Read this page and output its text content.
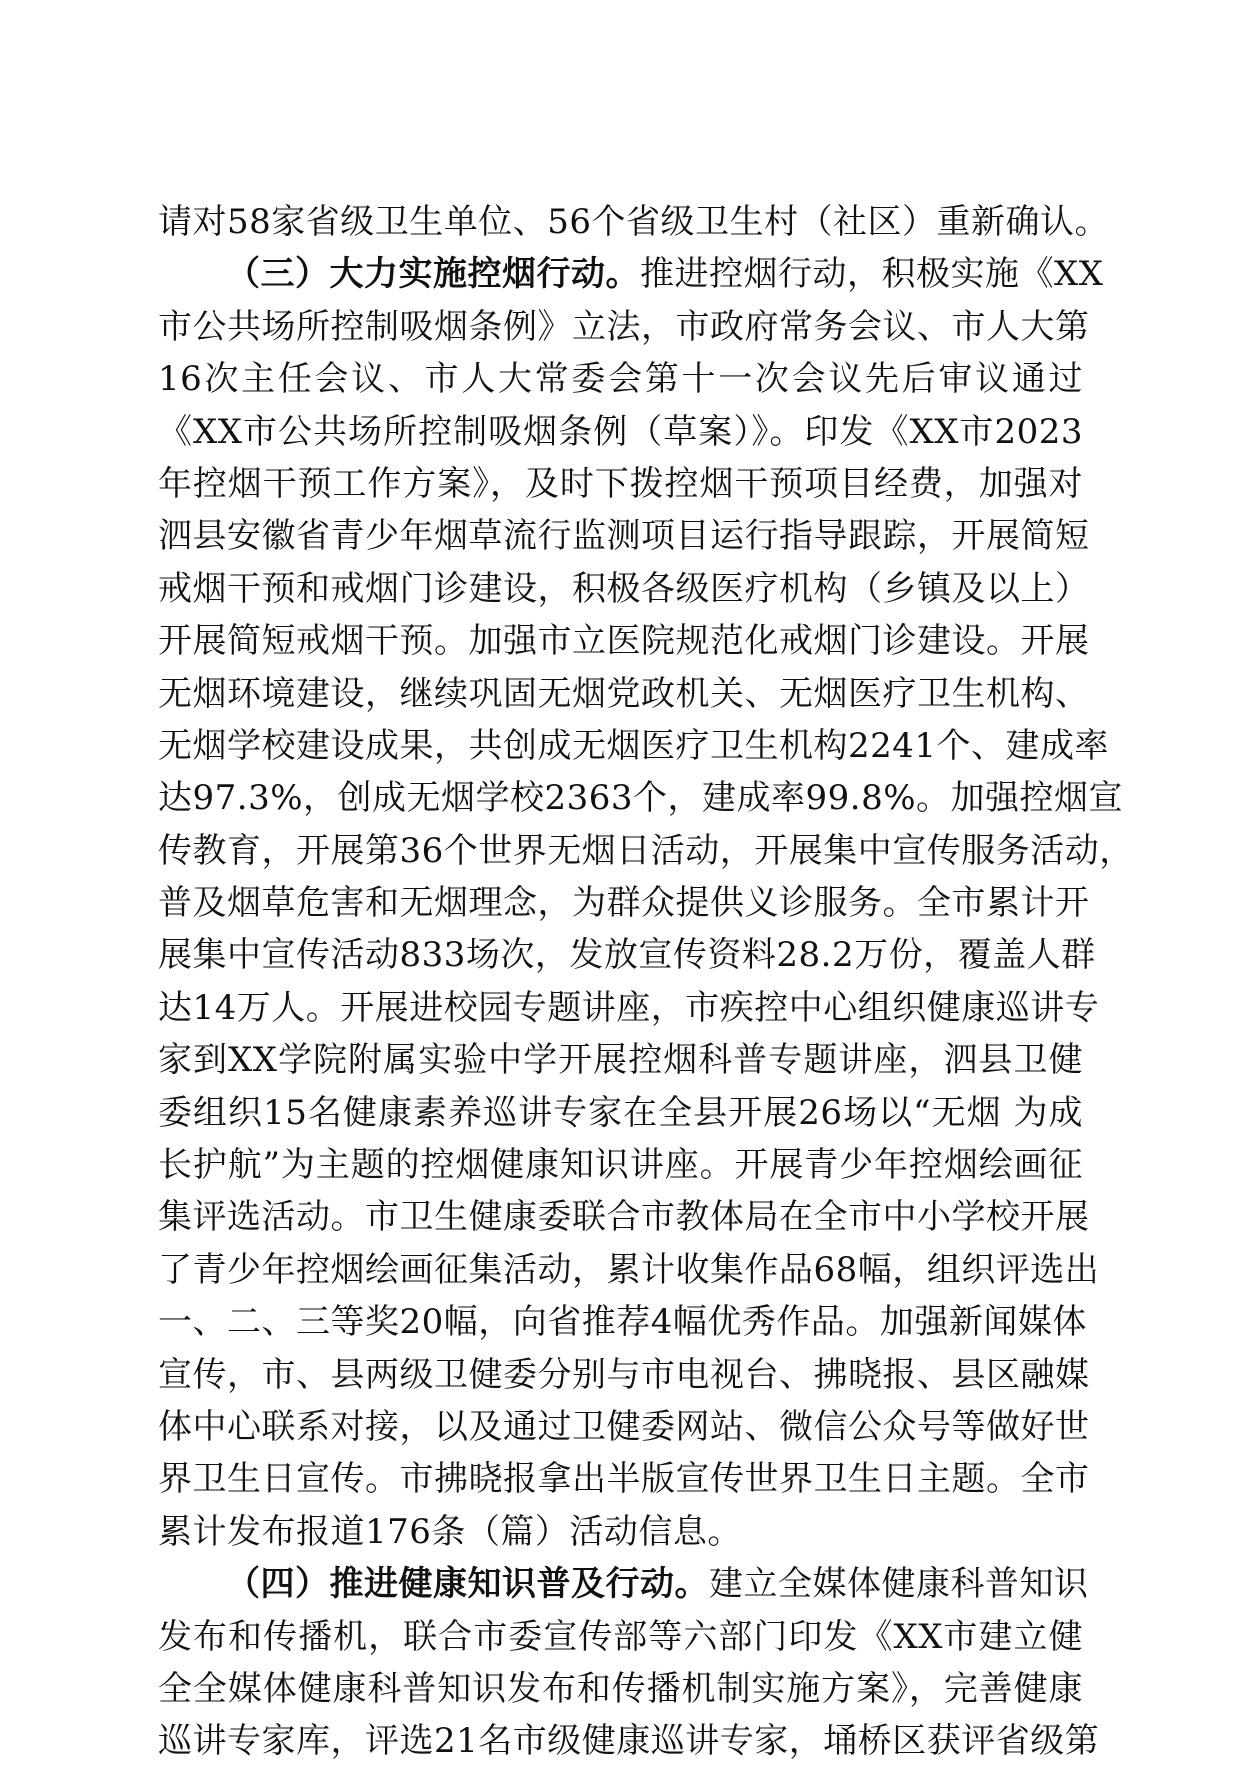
请对58家省级卫生单位、56个省级卫生村（社区）重新确认。
（三）大力实施控烟行动。推进控烟行动，积极实施《XX
市公共场所控制吸烟条例》立法，市政府常务会议、市人大第
16次主任会议、市人大常委会第十一次会议先后审议通过
《XX市公共场所控制吸烟条例（草案）》。印发《XX市2023
年控烟干预工作方案》，及时下拨控烟干预项目经费，加强对
泗县安徽省青少年烟草流行监测项目运行指导跟踪，开展简短
戒烟干预和戒烟门诊建设，积极各级医疗机构（乡镇及以上）
开展简短戒烟干预。加强市立医院规范化戒烟门诊建设。开展
无烟环境建设，继续巩固无烟党政机关、无烟医疗卫生机构、
无烟学校建设成果，共创成无烟医疗卫生机构2241个、建成率
达97.3%，创成无烟学校2363个，建成率99.8%。加强控烟宣
传教育，开展第36个世界无烟日活动，开展集中宣传服务活动，
普及烟草危害和无烟理念，为群众提供义诊服务。全市累计开
展集中宣传活动833场次，发放宣传资料28.2万份，覆盖人群
达14万人。开展进校园专题讲座，市疾控中心组织健康巡讲专
家到XX学院附属实验中学开展控烟科普专题讲座，泗县卫健
委组织15名健康素养巡讲专家在全县开展26场以“无烟 为成
长护航”为主题的控烟健康知识讲座。开展青少年控烟绘画征
集评选活动。市卫生健康委联合市教体局在全市中小学校开展
了青少年控烟绘画征集活动，累计收集作品68幅，组织评选出
一、二、三等奖20幅，向省推荐4幅优秀作品。加强新闻媒体
宣传，市、县两级卫健委分别与市电视台、拂晓报、县区融媒
体中心联系对接，以及通过卫健委网站、微信公众号等做好世
界卫生日宣传。市拂晓报拿出半版宣传世界卫生日主题。全市
累计发布报道176条（篇）活动信息。
（四）推进健康知识普及行动。建立全媒体健康科普知识
发布和传播机，联合市委宣传部等六部门印发《XX市建立健
全全媒体健康科普知识发布和传播机制实施方案》，完善健康
巡讲专家库，评选21名市级健康巡讲专家，埇桥区获评省级第
